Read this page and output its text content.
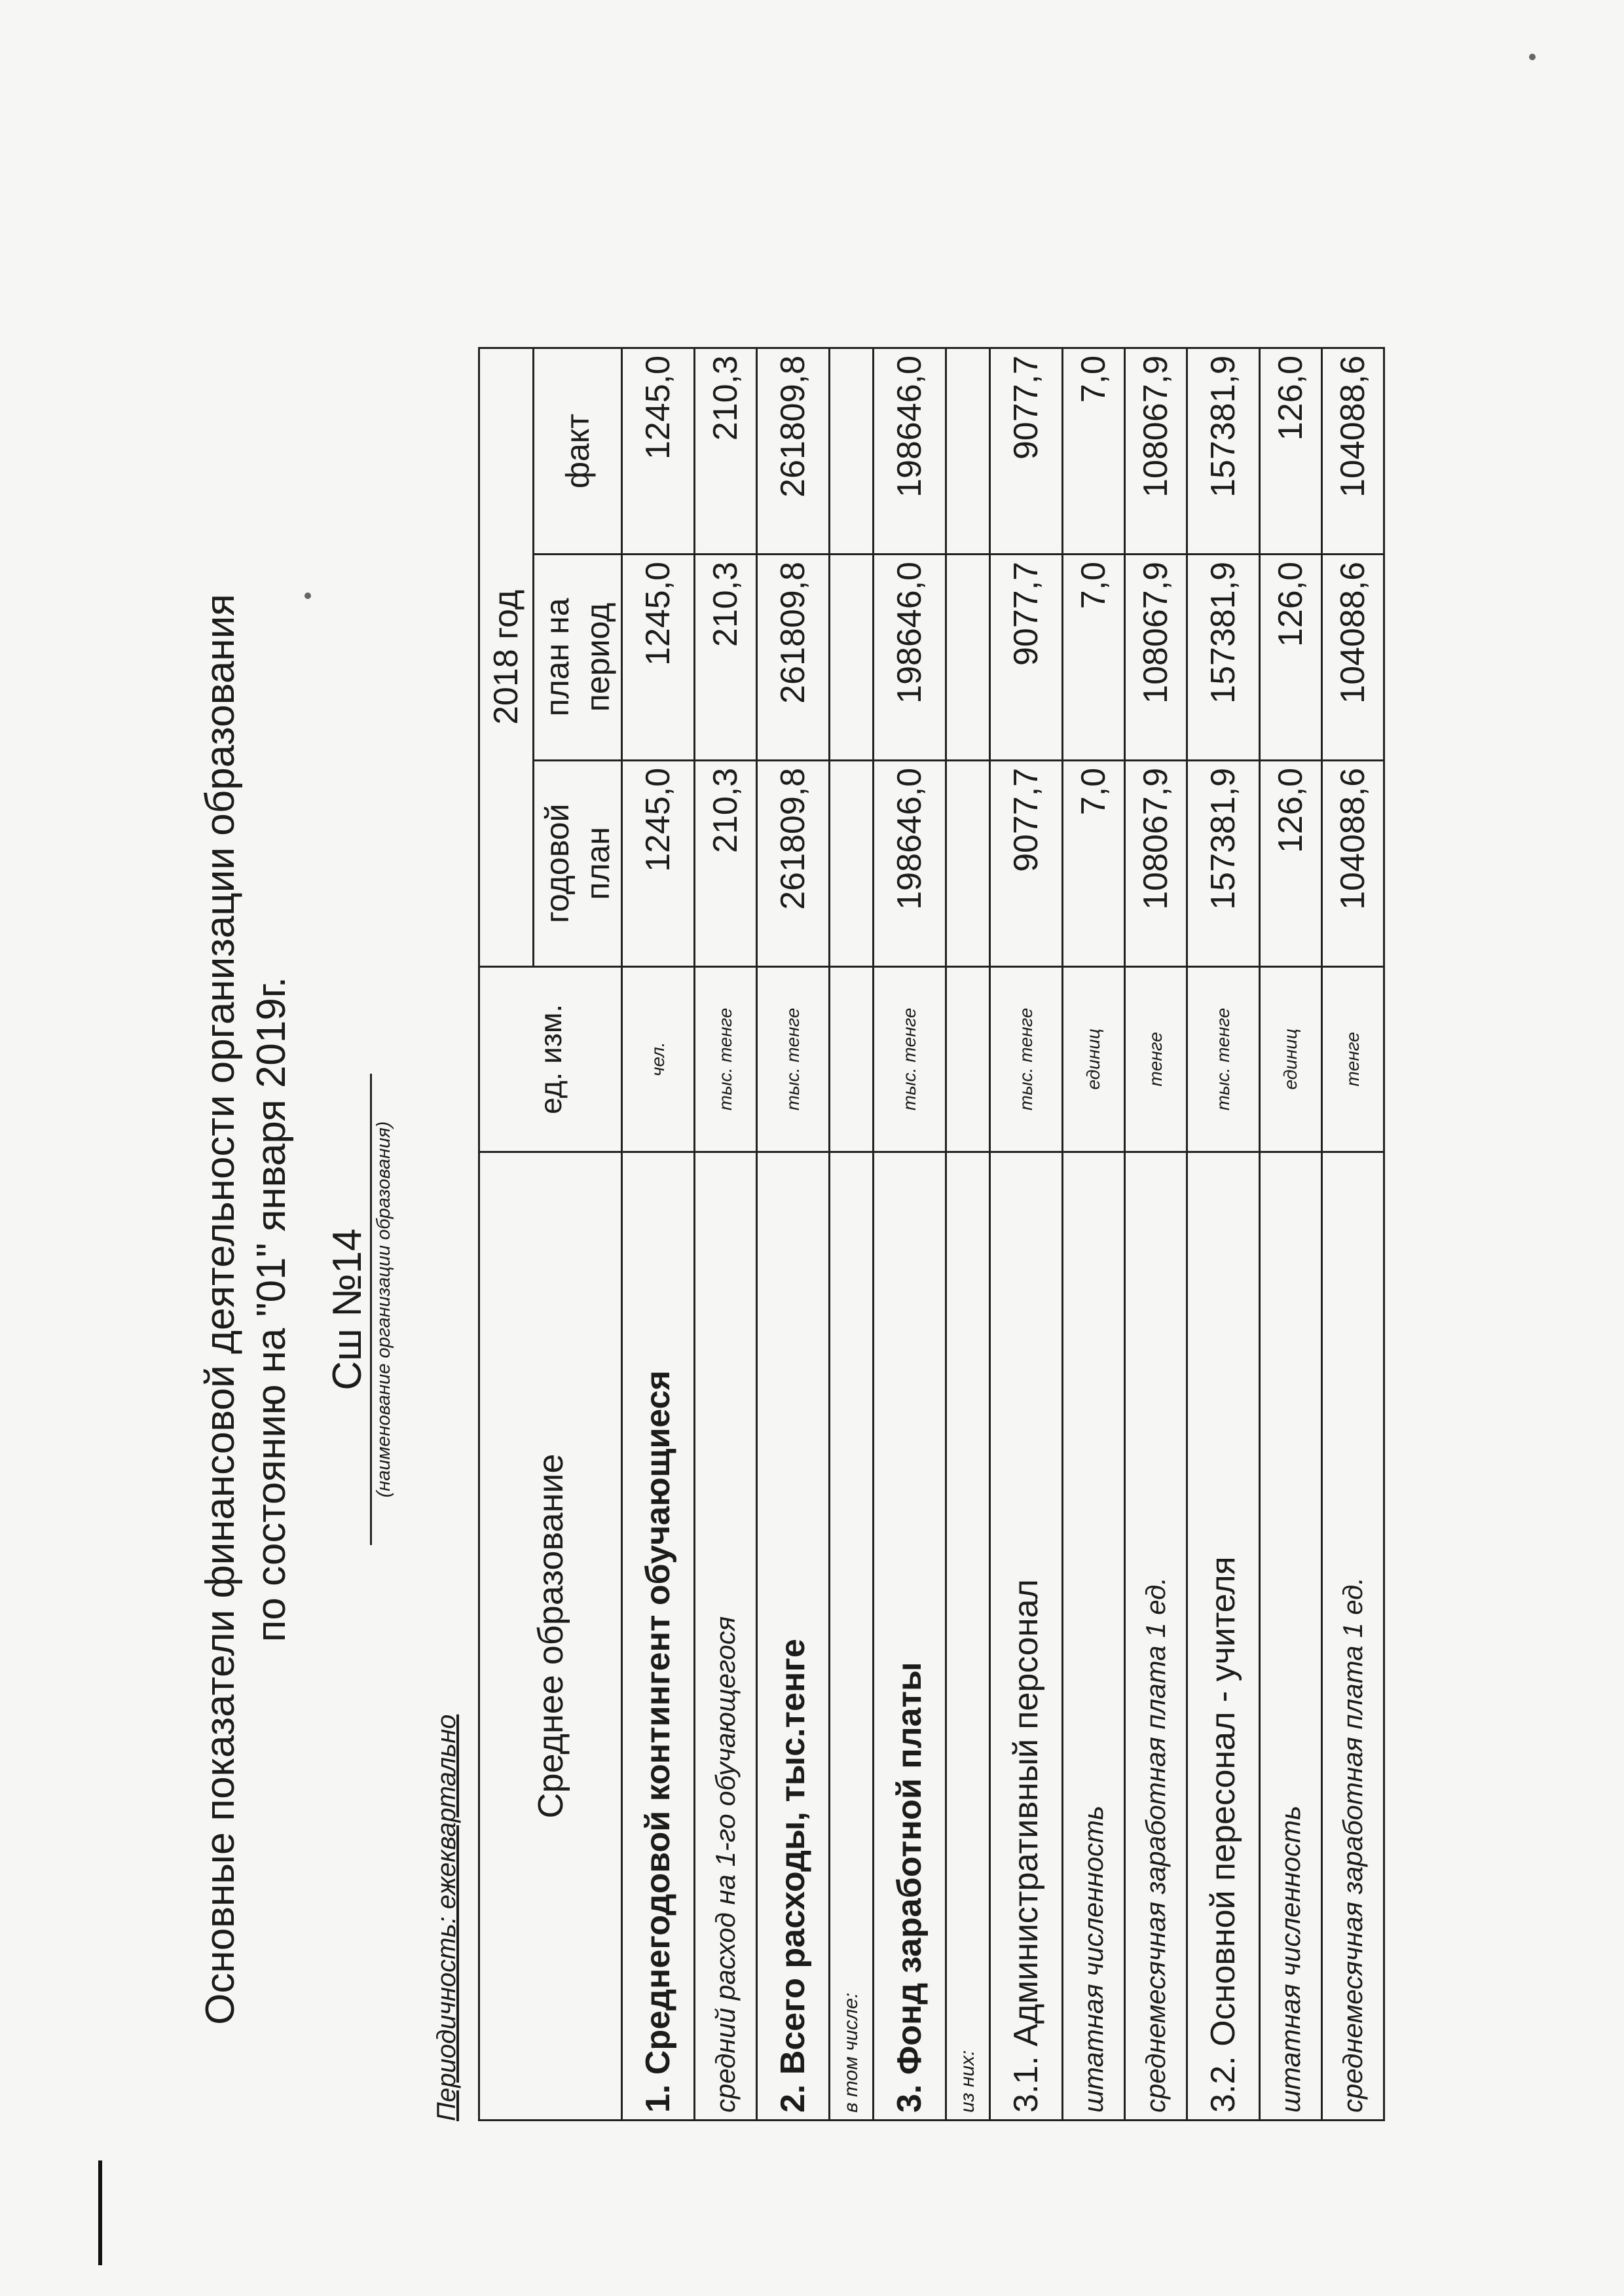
Основные показатели финансовой деятельности организации образования по состоянию на "01" января 2019г. Сш №14 (наименование организации образования)
Периодичность: ежеквартально
Среднее образование	ед. изм.	2018 год		
		годовой план	план на период	факт
1. Среднегодовой контингент обучающиеся	чел.	1245,0	1245,0	1245,0
средний расход на 1-го обучающегося	тыс. тенге	210,3	210,3	210,3
2. Всего расходы, тыс.тенге	тыс. тенге	261809,8	261809,8	261809,8
в том числе:				
3. Фонд заработной платы	тыс. тенге	198646,0	198646,0	198646,0
из них:				
3.1. Административный персонал	тыс. тенге	9077,7	9077,7	9077,7
штатная численность	единиц	7,0	7,0	7,0
среднемесячная заработная плата 1 ед.	тенге	108067,9	108067,9	108067,9
3.2. Основной пересонал - учителя	тыс. тенге	157381,9	157381,9	157381,9
штатная численность	единиц	126,0	126,0	126,0
среднемесячная заработная плата 1 ед.	тенге	104088,6	104088,6	104088,6
